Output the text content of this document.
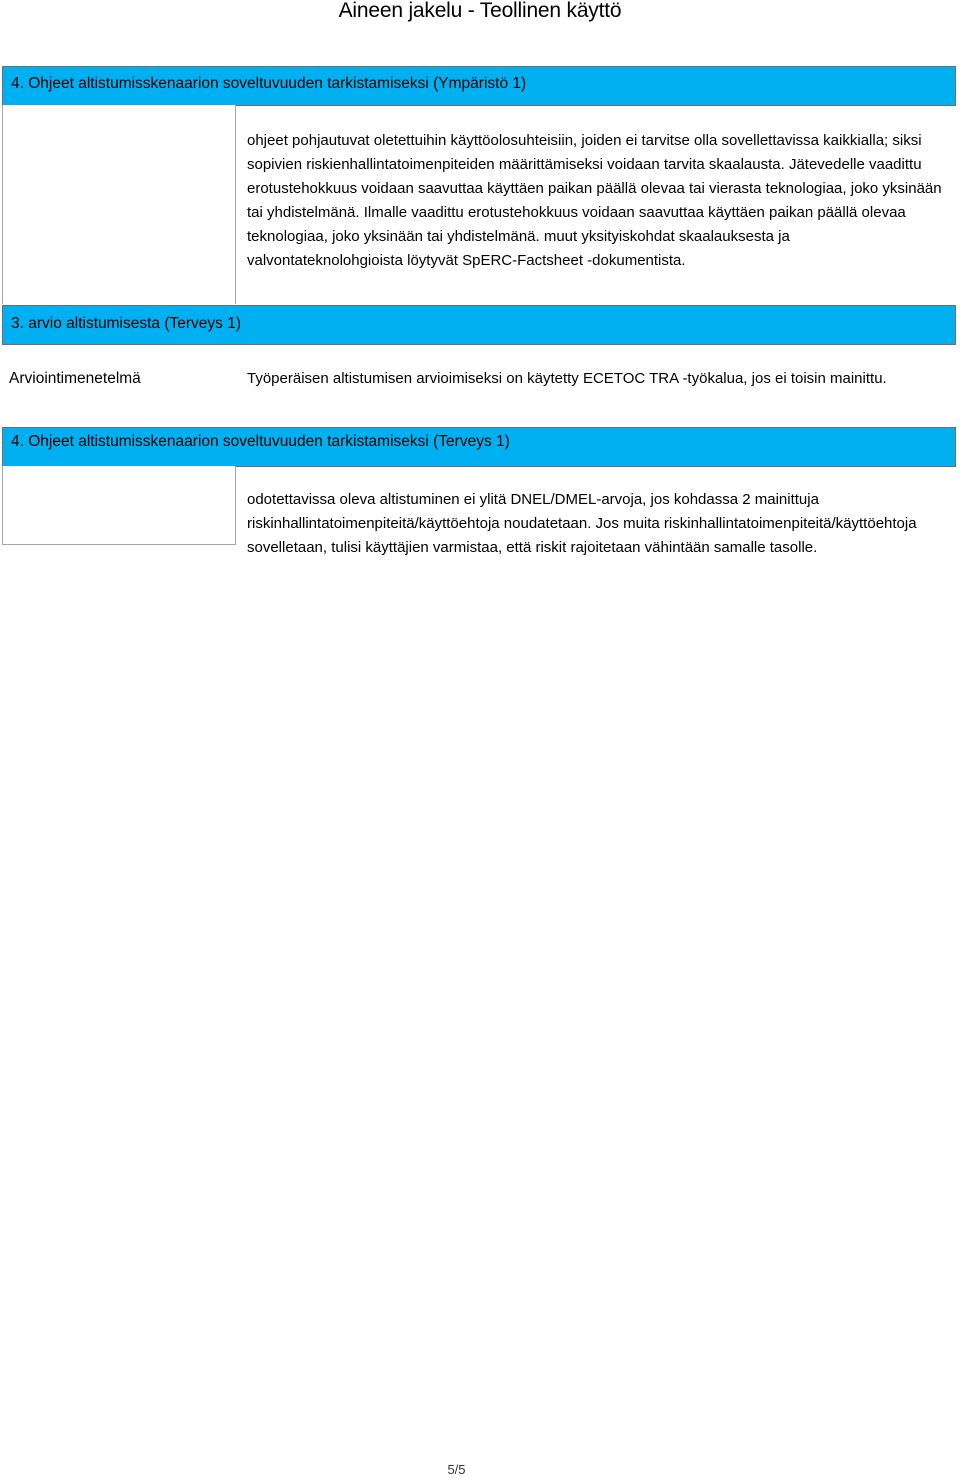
Aineen jakelu - Teollinen käyttö
4. Ohjeet altistumisskenaarion soveltuvuuden tarkistamiseksi (Ympäristö 1)
ohjeet pohjautuvat oletettuihin käyttöolosuhteisiin, joiden ei tarvitse olla sovellettavissa kaikkialla; siksi sopivien riskienhallintatoimenpiteiden määrittämiseksi voidaan tarvita skaalausta. Jätevedelle vaadittu erotustehokkuus voidaan saavuttaa käyttäen paikan päällä olevaa tai vierasta teknologiaa, joko yksinään tai yhdistelmänä. Ilmalle vaadittu erotustehokkuus voidaan saavuttaa käyttäen paikan päällä olevaa teknologiaa, joko yksinään tai yhdistelmänä. muut yksityiskohdat skaalauksesta ja valvontateknolohgioista löytyvät SpERC-Factsheet -dokumentista.
3. arvio altistumisesta (Terveys 1)
Arviointimenetelmä	Työperäisen altistumisen arvioimiseksi on käytetty ECETOC TRA -työkalua, jos ei toisin mainittu.
4. Ohjeet altistumisskenaarion soveltuvuuden tarkistamiseksi (Terveys 1)
odotettavissa oleva altistuminen ei ylitä DNEL/DMEL-arvoja, jos kohdassa 2 mainittuja riskinhallintatoimenpiteitä/käyttöehtoja noudatetaan. Jos muita riskinhallintatoimenpiteitä/käyttöehtoja sovelletaan, tulisi käyttäjien varmistaa, että riskit rajoitetaan vähintään samalle tasolle.
5/5
